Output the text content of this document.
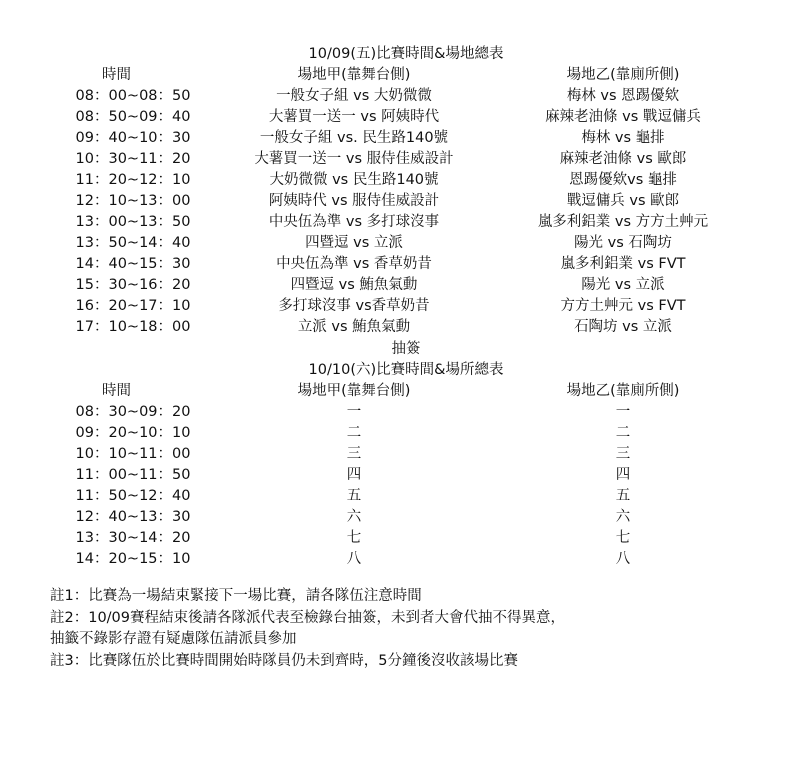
10/09(五)比賽時間&場地總表
時間	場地甲(靠舞台側)	場地乙(靠廁所側)
08：00~08：50	一般女子組 vs 大奶微微	梅林 vs 恩踢優欸
08：50~09：40	大薯買一送一 vs 阿姨時代	麻辣老油條 vs 戰逗傭兵
09：40~10：30	一般女子組 vs. 民生路140號	梅林 vs 龜排
10：30~11：20	大薯買一送一 vs 服侍佳威設計	麻辣老油條 vs 歐郎
11：20~12：10	大奶微微 vs 民生路140號	恩踢優欸vs 龜排
12：10~13：00	阿姨時代 vs 服侍佳威設計	戰逗傭兵 vs 歐郎
13：00~13：50	中央伍為準 vs 多打球沒事	嵐多利鋁業 vs 方方土艸元
13：50~14：40	四暨逗 vs 立派	陽光 vs 石陶坊
14：40~15：30	中央伍為準 vs 香草奶昔	嵐多利鋁業 vs FVT
15：30~16：20	四暨逗 vs 鮪魚氣動	陽光 vs 立派
16：20~17：10	多打球沒事 vs香草奶昔	方方土艸元 vs FVT
17：10~18：00	立派 vs 鮪魚氣動	石陶坊 vs 立派
抽簽
10/10(六)比賽時間&場所總表
時間	場地甲(靠舞台側)	場地乙(靠廁所側)
08：30~09：20	一	一
09：20~10：10	二	二
10：10~11：00	三	三
11：00~11：50	四	四
11：50~12：40	五	五
12：40~13：30	六	六
13：30~14：20	七	七
14：20~15：10	八	八
註1：比賽為一場結束緊接下一場比賽，請各隊伍注意時間
註2：10/09賽程結束後請各隊派代表至檢錄台抽簽，未到者大會代抽不得異意，
抽籤不錄影存證有疑慮隊伍請派員參加
註3：比賽隊伍於比賽時間開始時隊員仍未到齊時，5分鐘後沒收該場比賽
